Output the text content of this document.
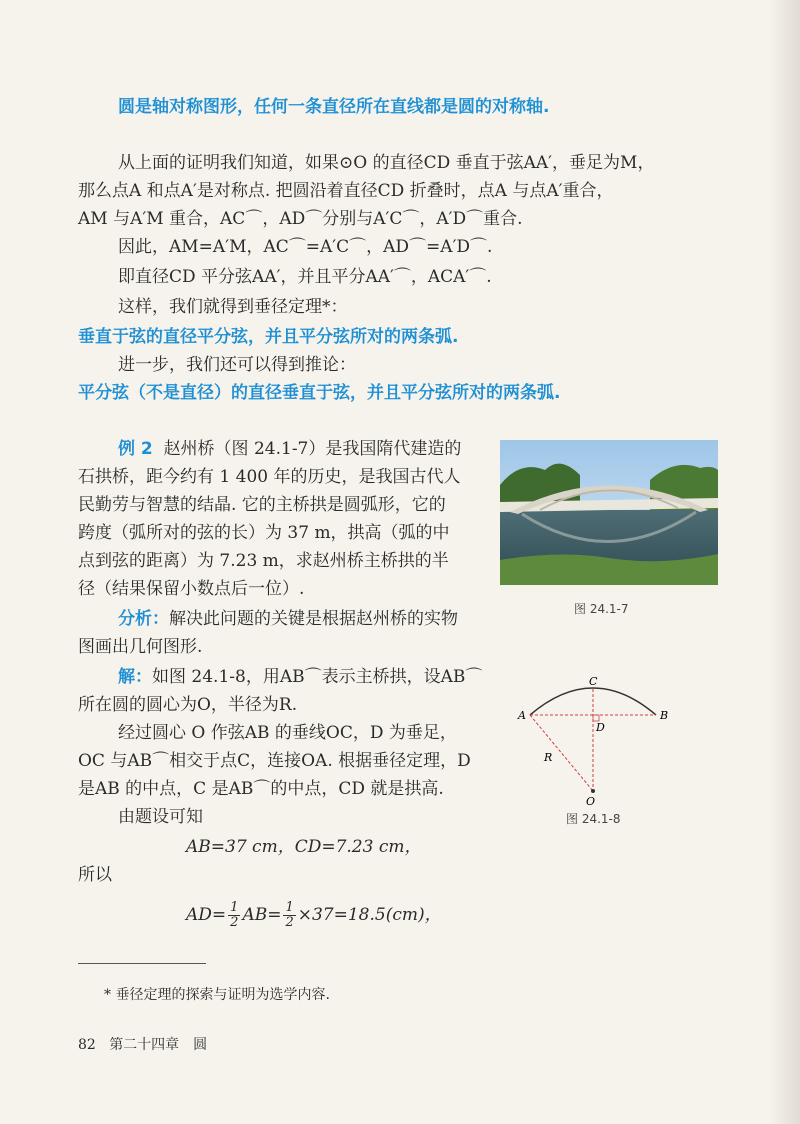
圆是轴对称图形，任何一条直径所在直线都是圆的对称轴.
从上面的证明我们知道，如果⊙O 的直径CD 垂直于弦AA′，垂足为M，
那么点A 和点A′是对称点. 把圆沿着直径CD 折叠时，点A 与点A′重合，
AM 与A′M 重合，AC⌒，AD⌒分别与A′C⌒，A′D⌒重合.
因此，AM=A′M，AC⌒=A′C⌒，AD⌒=A′D⌒.
即直径CD 平分弦AA′，并且平分AA′⌒，ACA′⌒.
这样，我们就得到垂径定理*：
垂直于弦的直径平分弦，并且平分弦所对的两条弧.
进一步，我们还可以得到推论：
平分弦（不是直径）的直径垂直于弦，并且平分弦所对的两条弧.
例 2 赵州桥（图 24.1-7）是我国隋代建造的
石拱桥，距今约有 1 400 年的历史，是我国古代人
民勤劳与智慧的结晶. 它的主桥拱是圆弧形，它的
跨度（弧所对的弦的长）为 37 m，拱高（弧的中
点到弦的距离）为 7.23 m，求赵州桥主桥拱的半
径（结果保留小数点后一位）.
分析：解决此问题的关键是根据赵州桥的实物
图画出几何图形.
解：如图 24.1-8，用AB⌒表示主桥拱，设AB⌒
所在圆的圆心为O，半径为R.
经过圆心 O 作弦AB 的垂线OC，D 为垂足，
OC 与AB⌒相交于点C，连接OA. 根据垂径定理，D
是AB 的中点，C 是AB⌒的中点，CD 就是拱高.
由题设可知
AB=37 cm，CD=7.23 cm，
所以
$AD= \frac{1}{2} AB= \frac{1}{2} \times 37=18.5(cm)$，
图 24.1-7
A	B
C
D
R
O
图 24.1-8
* 垂径定理的探索与证明为选学内容.
82 第二十四章　圆
